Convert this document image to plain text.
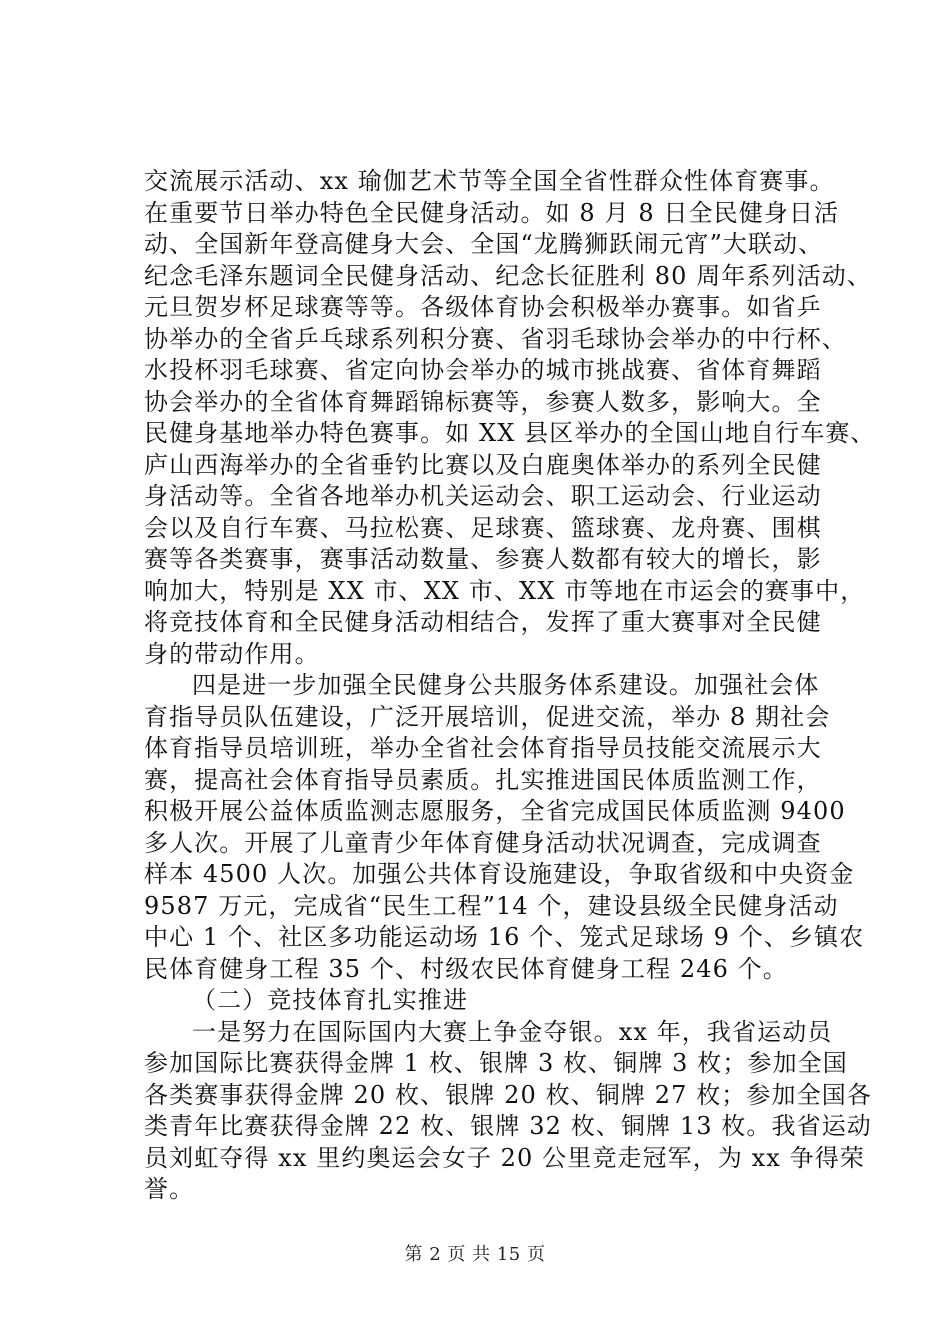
交流展示活动、xx 瑜伽艺术节等全国全省性群众性体育赛事。
在重要节日举办特色全民健身活动。如 8 月 8 日全民健身日活
动、全国新年登高健身大会、全国“龙腾狮跃闹元宵”大联动、
纪念毛泽东题词全民健身活动、纪念长征胜利 80 周年系列活动、
元旦贺岁杯足球赛等等。各级体育协会积极举办赛事。如省乒
协举办的全省乒乓球系列积分赛、省羽毛球协会举办的中行杯、
水投杯羽毛球赛、省定向协会举办的城市挑战赛、省体育舞蹈
协会举办的全省体育舞蹈锦标赛等，参赛人数多，影响大。全
民健身基地举办特色赛事。如 XX 县区举办的全国山地自行车赛、
庐山西海举办的全省垂钓比赛以及白鹿奥体举办的系列全民健
身活动等。全省各地举办机关运动会、职工运动会、行业运动
会以及自行车赛、马拉松赛、足球赛、篮球赛、龙舟赛、围棋
赛等各类赛事，赛事活动数量、参赛人数都有较大的增长，影
响加大，特别是 XX 市、XX 市、XX 市等地在市运会的赛事中，
将竞技体育和全民健身活动相结合，发挥了重大赛事对全民健
身的带动作用。
四是进一步加强全民健身公共服务体系建设。加强社会体
育指导员队伍建设，广泛开展培训，促进交流，举办 8 期社会
体育指导员培训班，举办全省社会体育指导员技能交流展示大
赛，提高社会体育指导员素质。扎实推进国民体质监测工作，
积极开展公益体质监测志愿服务，全省完成国民体质监测 9400
多人次。开展了儿童青少年体育健身活动状况调查，完成调查
样本 4500 人次。加强公共体育设施建设，争取省级和中央资金
9587 万元，完成省“民生工程”14 个，建设县级全民健身活动
中心 1 个、社区多功能运动场 16 个、笼式足球场 9 个、乡镇农
民体育健身工程 35 个、村级农民体育健身工程 246 个。
（二）竞技体育扎实推进
一是努力在国际国内大赛上争金夺银。xx 年，我省运动员
参加国际比赛获得金牌 1 枚、银牌 3 枚、铜牌 3 枚；参加全国
各类赛事获得金牌 20 枚、银牌 20 枚、铜牌 27 枚；参加全国各
类青年比赛获得金牌 22 枚、银牌 32 枚、铜牌 13 枚。我省运动
员刘虹夺得 xx 里约奥运会女子 20 公里竞走冠军，为 xx 争得荣
誉。
第 2 页 共 15 页
